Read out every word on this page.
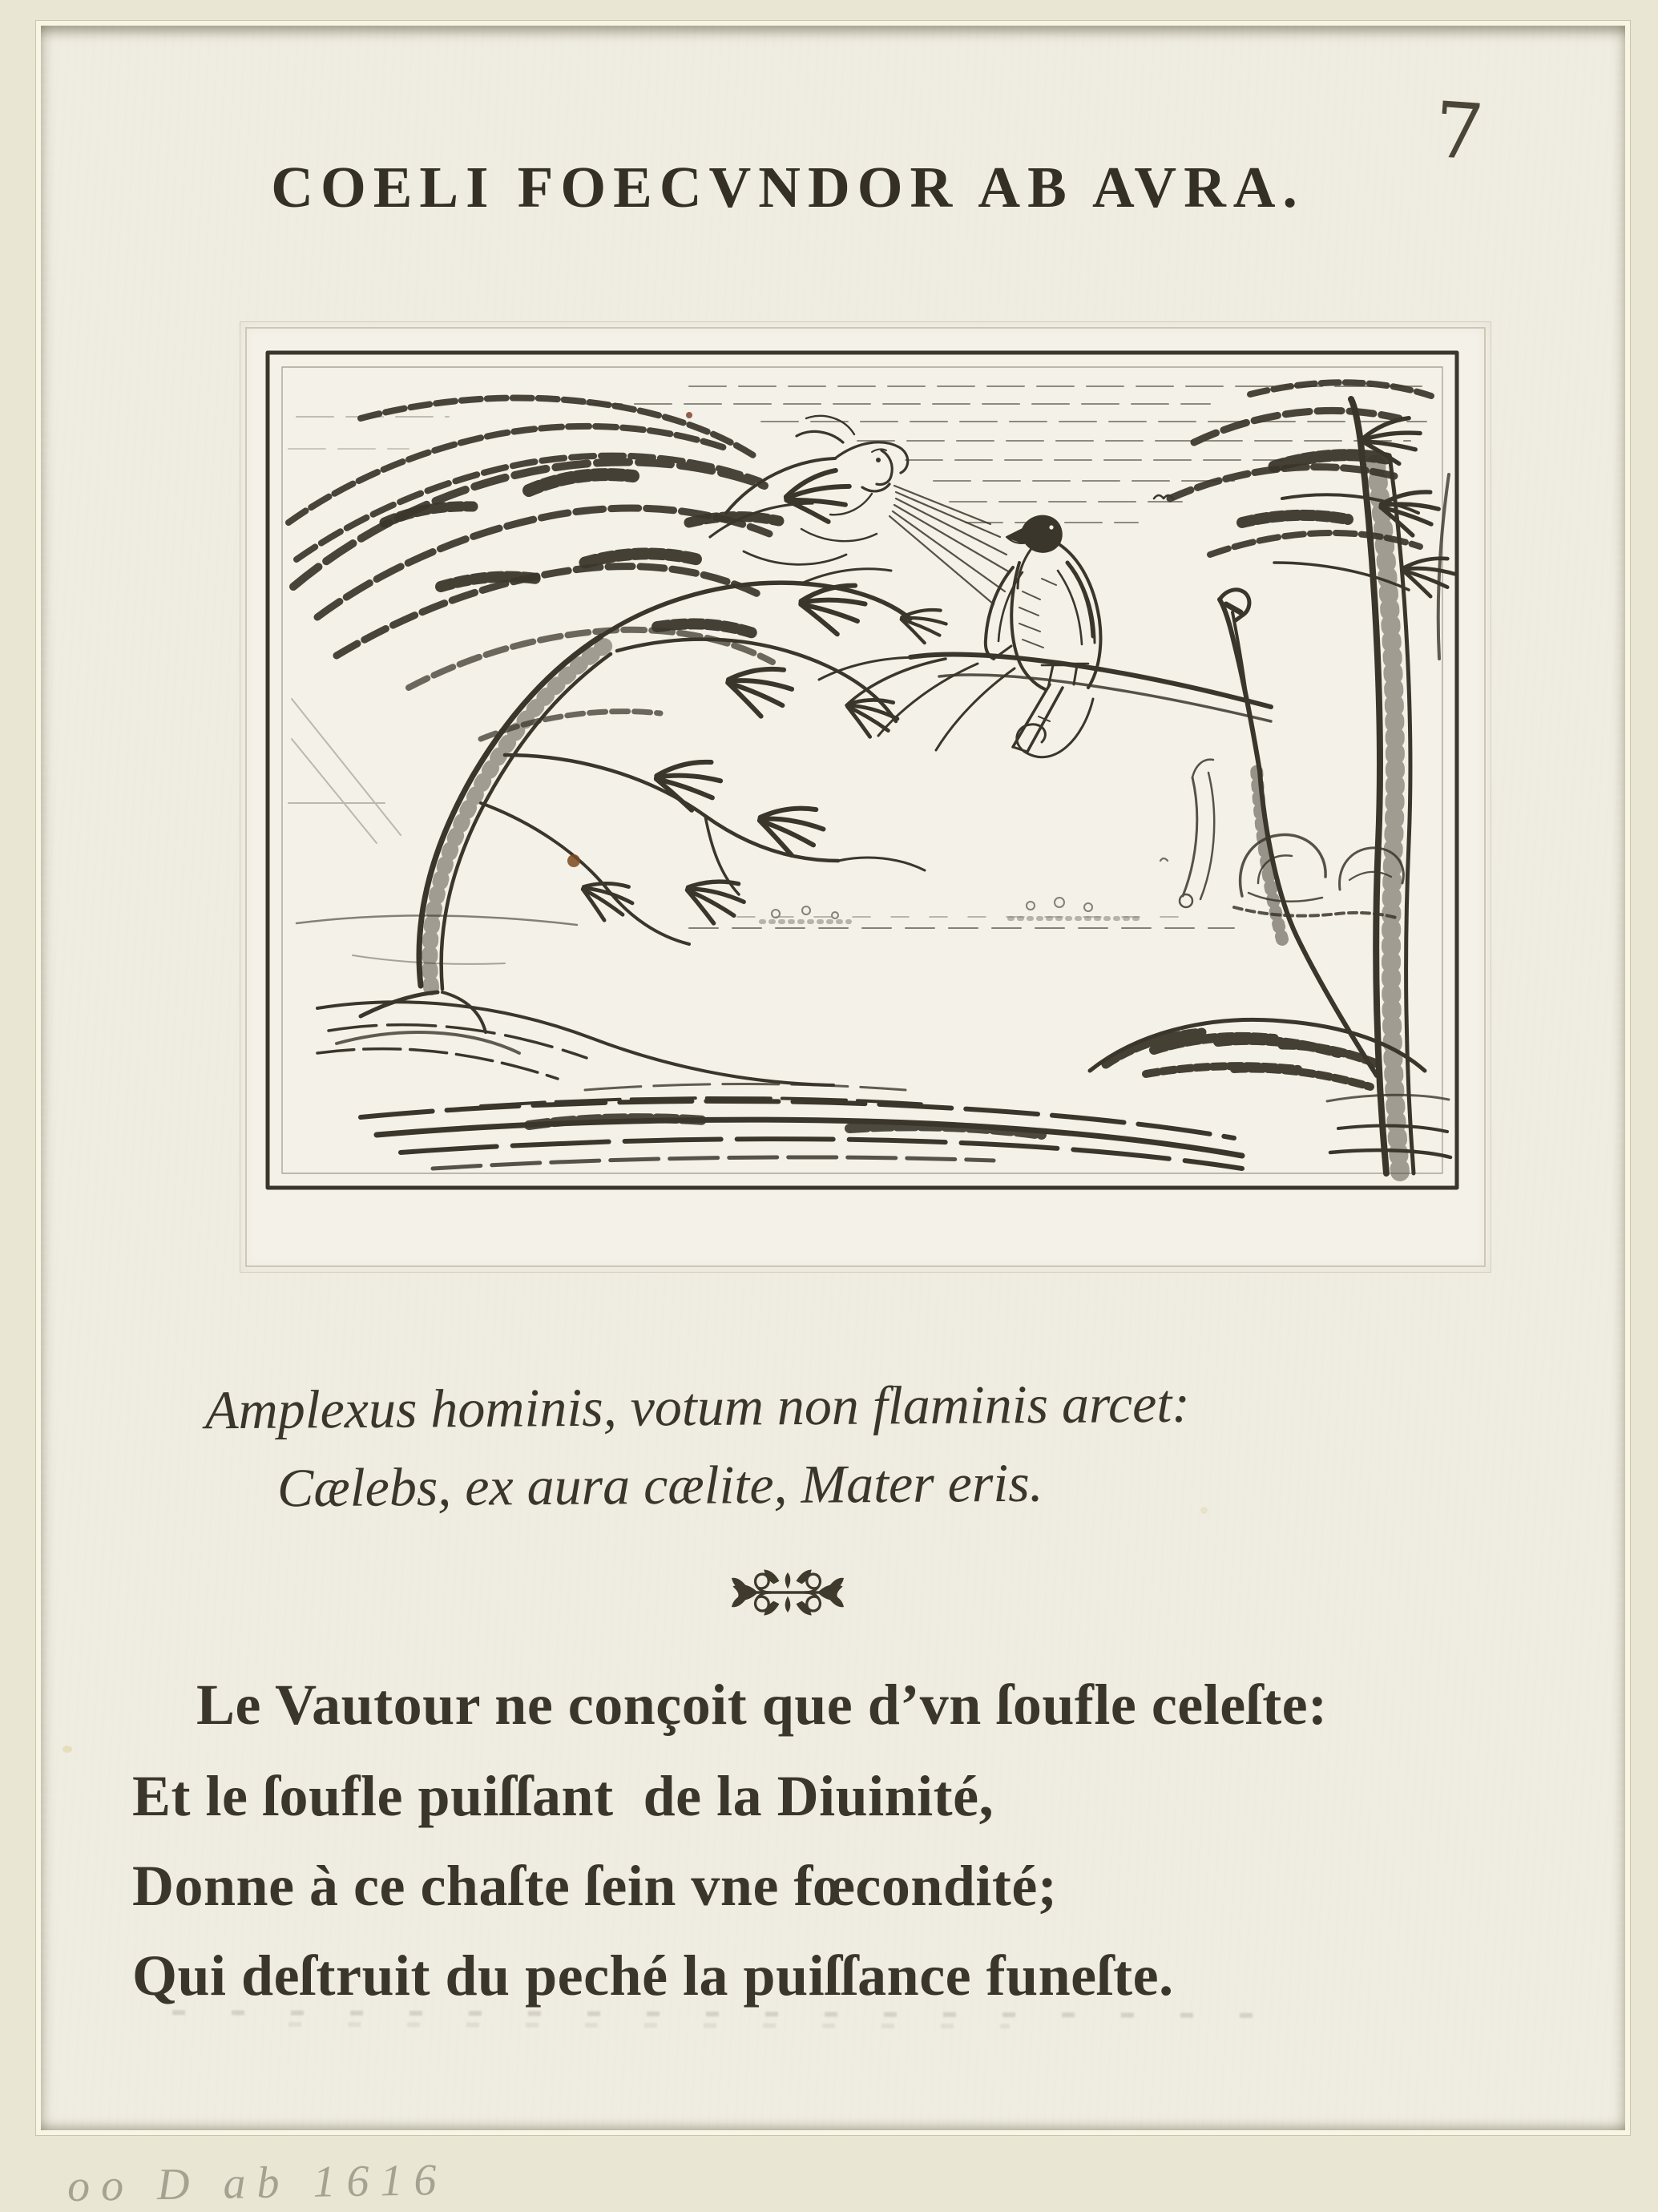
COELI FOECVNDOR AB AVRA.
7
Amplexus hominis, votum non flaminis arcet:
Cælebs, ex aura cælite, Mater eris.
Le Vautour ne conçoit que d’vn ſoufle celeſte:
Et le ſoufle puiſſant  de la Diuinité,
Donne à ce chaſte ſein vne fœcondité;
Qui deſtruit du peché la puiſſance funeſte.
oo D ab 1616
